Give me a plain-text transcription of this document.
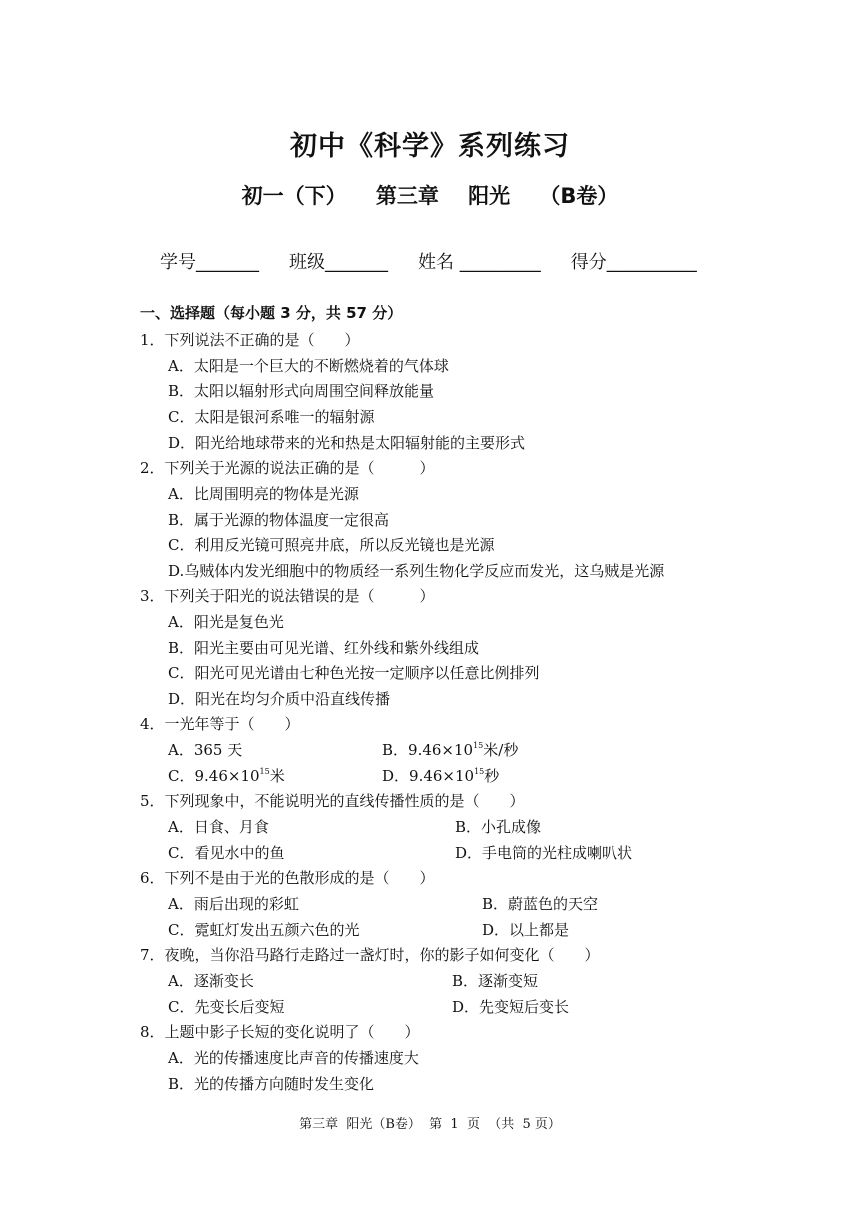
初中《科学》系列练习
初一（下）    第三章    阳光    （B卷）
学号_______ 班级_______ 姓名 _________ 得分__________
一、选择题（每小题 3 分，共 57 分）
1．下列说法不正确的是（　　）
A．太阳是一个巨大的不断燃烧着的气体球
B．太阳以辐射形式向周围空间释放能量
C．太阳是银河系唯一的辐射源
D．阳光给地球带来的光和热是太阳辐射能的主要形式
2．下列关于光源的说法正确的是（　　　）
A．比周围明亮的物体是光源
B．属于光源的物体温度一定很高
C．利用反光镜可照亮井底，所以反光镜也是光源
D.乌贼体内发光细胞中的物质经一系列生物化学反应而发光，这乌贼是光源
3．下列关于阳光的说法错误的是（　　　）
A．阳光是复色光
B．阳光主要由可见光谱、红外线和紫外线组成
C．阳光可见光谱由七种色光按一定顺序以任意比例排列
D．阳光在均匀介质中沿直线传播
4．一光年等于（　　）
A．365 天	B．$9.46\times 10^{15}$米/秒
C．$9.46\times 10^{15}$米	D．$9.46\times 10^{15}$秒
5．下列现象中，不能说明光的直线传播性质的是（　　）
A．日食、月食	B．小孔成像
C．看见水中的鱼	D．手电筒的光柱成喇叭状
6．下列不是由于光的色散形成的是（　　）
A．雨后出现的彩虹	B．蔚蓝色的天空
C．霓虹灯发出五颜六色的光	D．以上都是
7．夜晚，当你沿马路行走路过一盏灯时，你的影子如何变化（　　）
A．逐渐变长	B．逐渐变短
C．先变长后变短	D．先变短后变长
8．上题中影子长短的变化说明了（　　）
A．光的传播速度比声音的传播速度大
B．光的传播方向随时发生变化
第三章  阳光（B卷）  第  1  页  （共  5 页）
